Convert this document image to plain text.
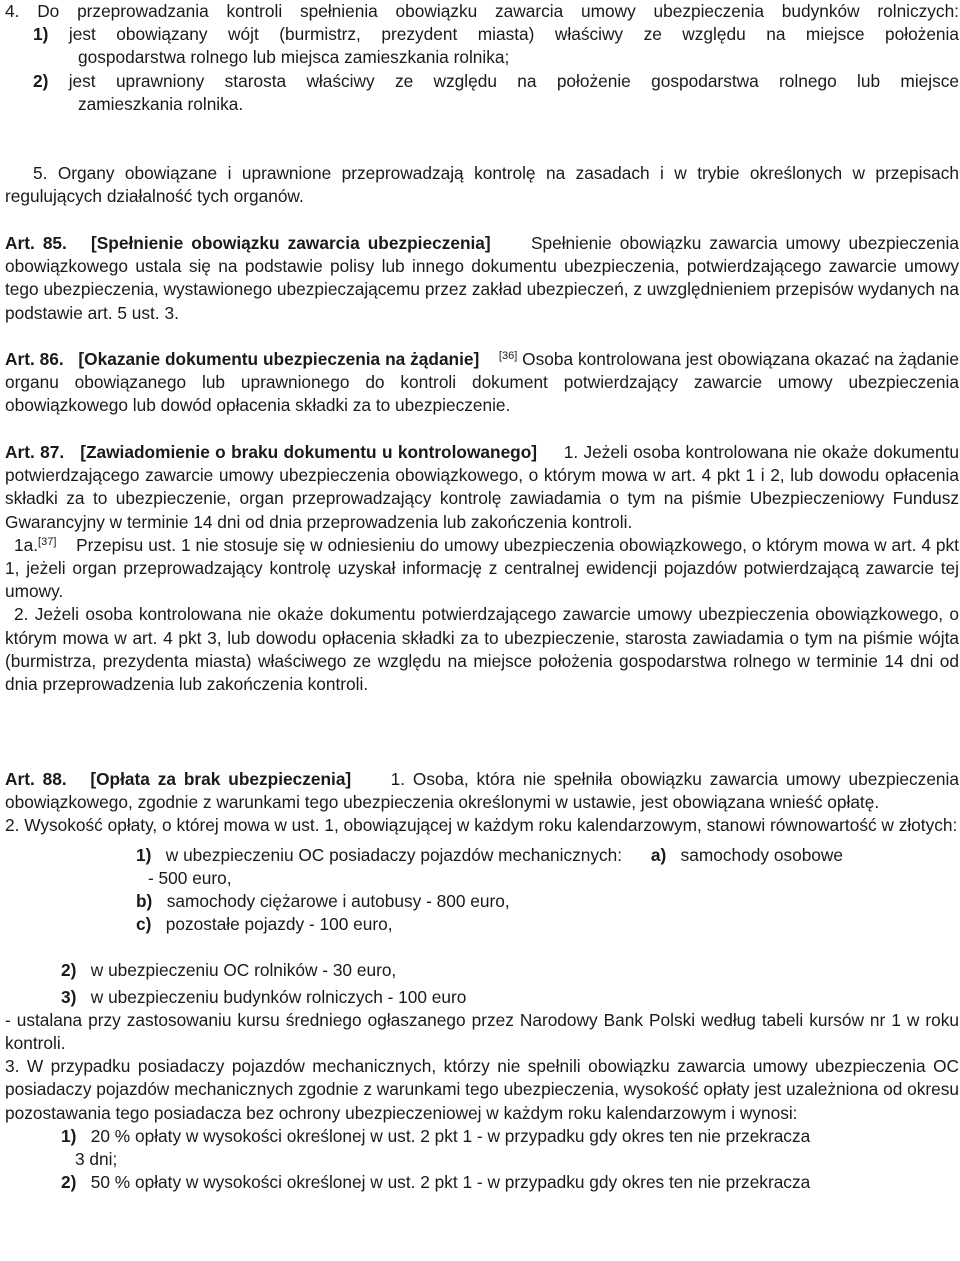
4. Do przeprowadzania kontroli spełnienia obowiązku zawarcia umowy ubezpieczenia budynków rolniczych:
1) jest obowiązany wójt (burmistrz, prezydent miasta) właściwy ze względu na miejsce położenia
gospodarstwa rolnego lub miejsca zamieszkania rolnika;
2) jest uprawniony starosta właściwy ze względu na położenie gospodarstwa rolnego lub miejsce
zamieszkania rolnika.
5. Organy obowiązane i uprawnione przeprowadzają kontrolę na zasadach i w trybie określonych w przepisach regulujących działalność tych organów.
Art. 85. [Spełnienie obowiązku zawarcia ubezpieczenia] Spełnienie obowiązku zawarcia umowy ubezpieczenia obowiązkowego ustala się na podstawie polisy lub innego dokumentu ubezpieczenia, potwierdzającego zawarcie umowy tego ubezpieczenia, wystawionego ubezpieczającemu przez zakład ubezpieczeń, z uwzględnieniem przepisów wydanych na podstawie art. 5 ust. 3.
Art. 86. [Okazanie dokumentu ubezpieczenia na żądanie] [36] Osoba kontrolowana jest obowiązana okazać na żądanie organu obowiązanego lub uprawnionego do kontroli dokument potwierdzający zawarcie umowy ubezpieczenia obowiązkowego lub dowód opłacenia składki za to ubezpieczenie.
Art. 87. [Zawiadomienie o braku dokumentu u kontrolowanego] 1. Jeżeli osoba kontrolowana nie okaże dokumentu potwierdzającego zawarcie umowy ubezpieczenia obowiązkowego, o którym mowa w art. 4 pkt 1 i 2, lub dowodu opłacenia składki za to ubezpieczenie, organ przeprowadzający kontrolę zawiadamia o tym na piśmie Ubezpieczeniowy Fundusz Gwarancyjny w terminie 14 dni od dnia przeprowadzenia lub zakończenia kontroli.
1a.[37] Przepisu ust. 1 nie stosuje się w odniesieniu do umowy ubezpieczenia obowiązkowego, o którym mowa w art. 4 pkt 1, jeżeli organ przeprowadzający kontrolę uzyskał informację z centralnej ewidencji pojazdów potwierdzającą zawarcie tej umowy.
2. Jeżeli osoba kontrolowana nie okaże dokumentu potwierdzającego zawarcie umowy ubezpieczenia obowiązkowego, o którym mowa w art. 4 pkt 3, lub dowodu opłacenia składki za to ubezpieczenie, starosta zawiadamia o tym na piśmie wójta (burmistrza, prezydenta miasta) właściwego ze względu na miejsce położenia gospodarstwa rolnego w terminie 14 dni od dnia przeprowadzenia lub zakończenia kontroli.
Art. 88. [Opłata za brak ubezpieczenia] 1. Osoba, która nie spełniła obowiązku zawarcia umowy ubezpieczenia obowiązkowego, zgodnie z warunkami tego ubezpieczenia określonymi w ustawie, jest obowiązana wnieść opłatę.
2. Wysokość opłaty, o której mowa w ust. 1, obowiązującej w każdym roku kalendarzowym, stanowi równowartość w złotych:
1) w ubezpieczeniu OC posiadaczy pojazdów mechanicznych: a) samochody osobowe
- 500 euro,
b) samochody ciężarowe i autobusy - 800 euro,
c) pozostałe pojazdy - 100 euro,
2) w ubezpieczeniu OC rolników - 30 euro,
3) w ubezpieczeniu budynków rolniczych - 100 euro
- ustalana przy zastosowaniu kursu średniego ogłaszanego przez Narodowy Bank Polski według tabeli kursów nr 1 w roku kontroli.
3. W przypadku posiadaczy pojazdów mechanicznych, którzy nie spełnili obowiązku zawarcia umowy ubezpieczenia OC posiadaczy pojazdów mechanicznych zgodnie z warunkami tego ubezpieczenia, wysokość opłaty jest uzależniona od okresu pozostawania tego posiadacza bez ochrony ubezpieczeniowej w każdym roku kalendarzowym i wynosi:
1) 20 % opłaty w wysokości określonej w ust. 2 pkt 1 - w przypadku gdy okres ten nie przekracza
3 dni;
2) 50 % opłaty w wysokości określonej w ust. 2 pkt 1 - w przypadku gdy okres ten nie przekracza
